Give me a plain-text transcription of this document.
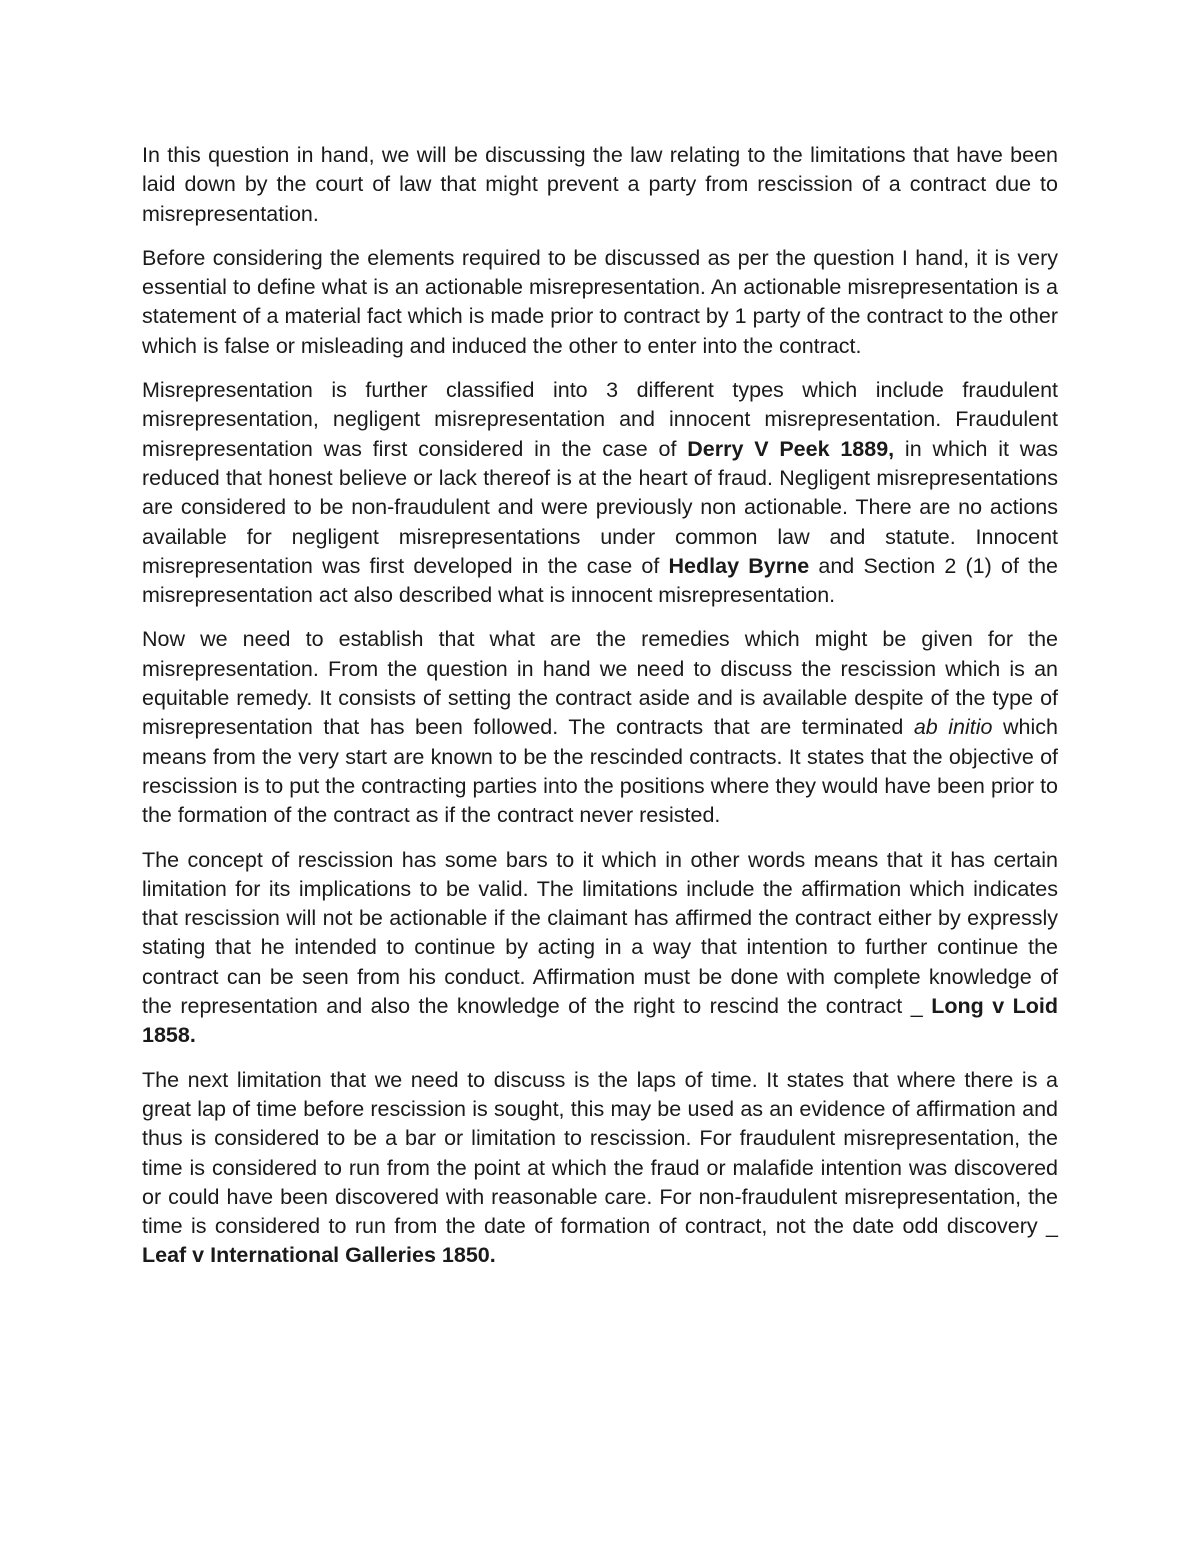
In this question in hand, we will be discussing the law relating to the limitations that have been laid down by the court of law that might prevent a party from rescission of a contract due to misrepresentation.

Before considering the elements required to be discussed as per the question I hand, it is very essential to define what is an actionable misrepresentation. An actionable misrepresentation is a statement of a material fact which is made prior to contract by 1 party of the contract to the other which is false or misleading and induced the other to enter into the contract.

Misrepresentation is further classified into 3 different types which include fraudulent misrepresentation, negligent misrepresentation and innocent misrepresentation. Fraudulent misrepresentation was first considered in the case of Derry V Peek 1889, in which it was reduced that honest believe or lack thereof is at the heart of fraud. Negligent misrepresentations are considered to be non-fraudulent and were previously non actionable. There are no actions available for negligent misrepresentations under common law and statute. Innocent misrepresentation was first developed in the case of Hedlay Byrne and Section 2 (1) of the misrepresentation act also described what is innocent misrepresentation.

Now we need to establish that what are the remedies which might be given for the misrepresentation. From the question in hand we need to discuss the rescission which is an equitable remedy. It consists of setting the contract aside and is available despite of the type of misrepresentation that has been followed. The contracts that are terminated ab initio which means from the very start are known to be the rescinded contracts. It states that the objective of rescission is to put the contracting parties into the positions where they would have been prior to the formation of the contract as if the contract never resisted.

The concept of rescission has some bars to it which in other words means that it has certain limitation for its implications to be valid. The limitations include the affirmation which indicates that rescission will not be actionable if the claimant has affirmed the contract either by expressly stating that he intended to continue by acting in a way that intention to further continue the contract can be seen from his conduct. Affirmation must be done with complete knowledge of the representation and also the knowledge of the right to rescind the contract _ Long v Loid 1858.

The next limitation that we need to discuss is the laps of time. It states that where there is a great lap of time before rescission is sought, this may be used as an evidence of affirmation and thus is considered to be a bar or limitation to rescission. For fraudulent misrepresentation, the time is considered to run from the point at which the fraud or malafide intention was discovered or could have been discovered with reasonable care. For non-fraudulent misrepresentation, the time is considered to run from the date of formation of contract, not the date odd discovery _ Leaf v International Galleries 1850.
